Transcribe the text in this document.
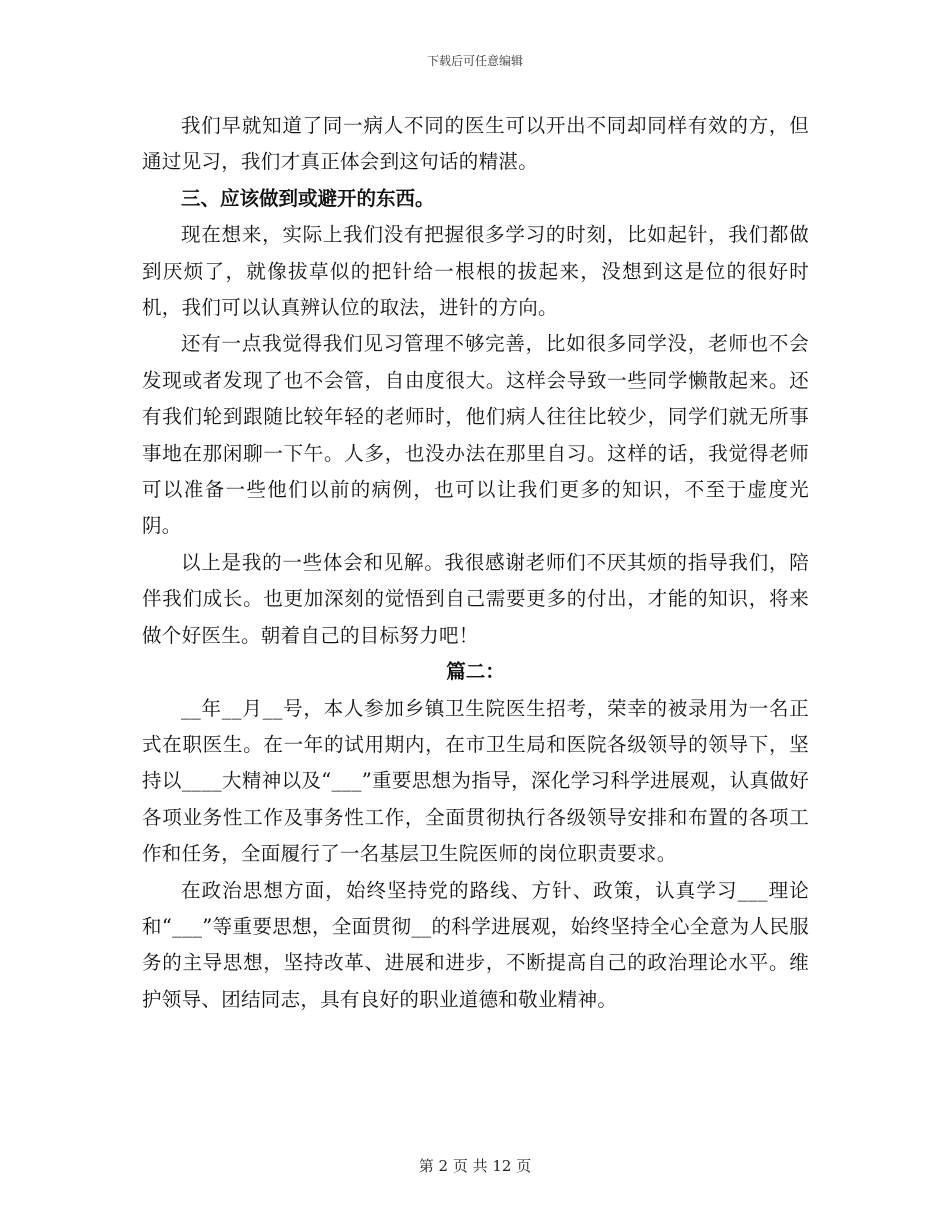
下载后可任意编辑

我们早就知道了同一病人不同的医生可以开出不同却同样有效的方，但通过见习，我们才真正体会到这句话的精湛。

三、应该做到或避开的东西。

现在想来，实际上我们没有把握很多学习的时刻，比如起针，我们都做到厌烦了，就像拔草似的把针给一根根的拔起来，没想到这是位的很好时机，我们可以认真辨认位的取法，进针的方向。

还有一点我觉得我们见习管理不够完善，比如很多同学没，老师也不会发现或者发现了也不会管，自由度很大。这样会导致一些同学懒散起来。还有我们轮到跟随比较年轻的老师时，他们病人往往比较少，同学们就无所事事地在那闲聊一下午。人多，也没办法在那里自习。这样的话，我觉得老师可以准备一些他们以前的病例，也可以让我们更多的知识，不至于虚度光阴。

以上是我的一些体会和见解。我很感谢老师们不厌其烦的指导我们，陪伴我们成长。也更加深刻的觉悟到自己需要更多的付出，才能的知识，将来做个好医生。朝着自己的目标努力吧！

篇二：

__年__月__号，本人参加乡镇卫生院医生招考，荣幸的被录用为一名正式在职医生。在一年的试用期内，在市卫生局和医院各级领导的领导下，坚持以____大精神以及“___”重要思想为指导，深化学习科学进展观，认真做好各项业务性工作及事务性工作，全面贯彻执行各级领导安排和布置的各项工作和任务，全面履行了一名基层卫生院医师的岗位职责要求。

在政治思想方面，始终坚持党的路线、方针、政策，认真学习___理论和“___”等重要思想，全面贯彻__的科学进展观，始终坚持全心全意为人民服务的主导思想，坚持改革、进展和进步，不断提高自己的政治理论水平。维护领导、团结同志，具有良好的职业道德和敬业精神。

第 2 页 共 12 页
